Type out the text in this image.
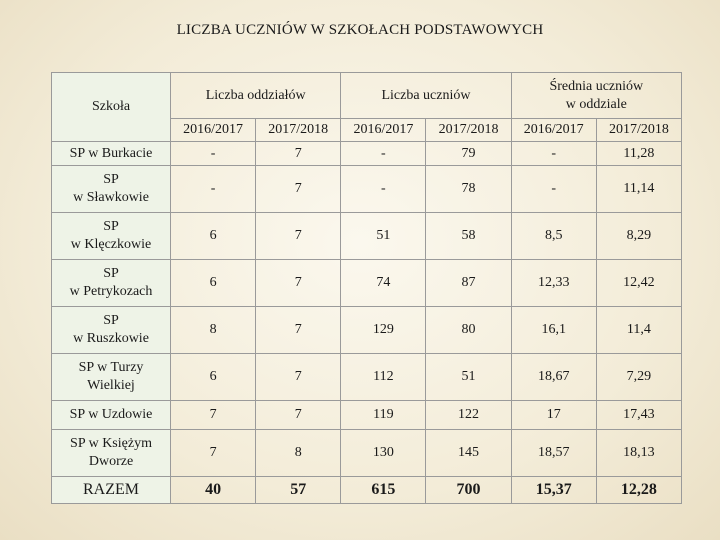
LICZBA UCZNIÓW W SZKOŁACH PODSTAWOWYCH
Szkoła	Liczba oddziałów		Liczba uczniów		Średnia uczniów
w oddziale	

	2016/2017	2017/2018	2016/2017	2017/2018	2016/2017	2017/2018
SP w Burkacie	-	7	-	79	-	11,28

SP
w Sławkowie	-	7	-	78	-	11,14

SP
w Klęczkowie	6	7	51	58	8,5	8,29

SP
w Petrykozach	6	7	74	87	12,33	12,42

SP
w Ruszkowie	8	7	129	80	16,1	11,4

SP w Turzy
Wielkiej	6	7	112	51	18,67	7,29
SP w Uzdowie	7	7	119	122	17	17,43

SP w Księżym
Dworze	7	8	130	145	18,57	18,13
RAZEM	40	57	615	700	15,37	12,28
